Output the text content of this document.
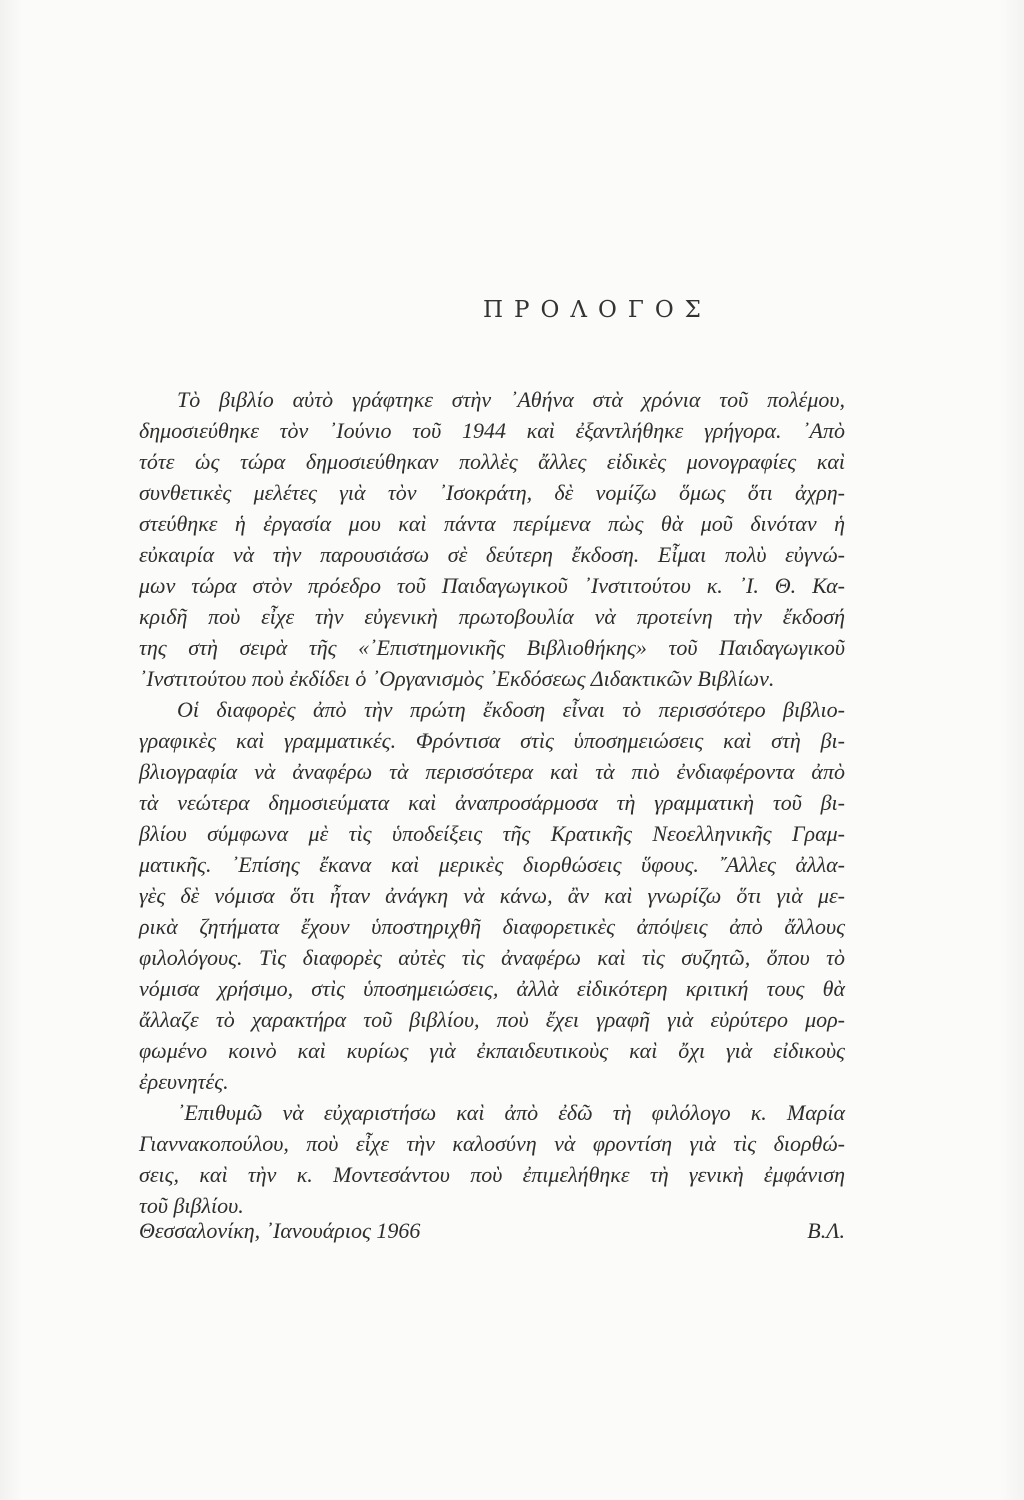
ΠΡΟΛΟΓΟΣ
Τὸ βιβλίο αὐτὸ γράφτηκε στὴν ᾿Αθήνα στὰ χρόνια τοῦ πολέμου,
δημοσιεύθηκε τὸν ᾿Ιούνιο τοῦ 1944 καὶ ἐξαντλήθηκε γρήγορα. ᾿Απὸ
τότε ὡς τώρα δημοσιεύθηκαν πολλὲς ἄλλες εἰδικὲς μονογραφίες καὶ
συνθετικὲς μελέτες γιὰ τὸν ᾿Ισοκράτη, δὲ νομίζω ὅμως ὅτι ἀχρη-
στεύθηκε ἡ ἐργασία μου καὶ πάντα περίμενα πὼς θὰ μοῦ δινόταν ἡ
εὐκαιρία νὰ τὴν παρουσιάσω σὲ δεύτερη ἔκδοση. Εἶμαι πολὺ εὐγνώ-
μων τώρα στὸν πρόεδρο τοῦ Παιδαγωγικοῦ ᾿Ινστιτούτου κ. ᾿Ι. Θ. Κα-
κριδῆ ποὺ εἶχε τὴν εὐγενικὴ πρωτοβουλία νὰ προτείνη τὴν ἔκδοσή
της στὴ σειρὰ τῆς «᾿Επιστημονικῆς Βιβλιοθήκης» τοῦ Παιδαγωγικοῦ
᾿Ινστιτούτου ποὺ ἐκδίδει ὁ ᾿Οργανισμὸς ᾿Εκδόσεως Διδακτικῶν Βιβλίων.
Οἱ διαφορὲς ἀπὸ τὴν πρώτη ἔκδοση εἶναι τὸ περισσότερο βιβλιο-
γραφικὲς καὶ γραμματικές. Φρόντισα στὶς ὑποσημειώσεις καὶ στὴ βι-
βλιογραφία νὰ ἀναφέρω τὰ περισσότερα καὶ τὰ πιὸ ἐνδιαφέροντα ἀπὸ
τὰ νεώτερα δημοσιεύματα καὶ ἀναπροσάρμοσα τὴ γραμματικὴ τοῦ βι-
βλίου σύμφωνα μὲ τὶς ὑποδείξεις τῆς Κρατικῆς Νεοελληνικῆς Γραμ-
ματικῆς. ᾿Επίσης ἔκανα καὶ μερικὲς διορθώσεις ὕφους. ῎Αλλες ἀλλα-
γὲς δὲ νόμισα ὅτι ἦταν ἀνάγκη νὰ κάνω, ἂν καὶ γνωρίζω ὅτι γιὰ με-
ρικὰ ζητήματα ἔχουν ὑποστηριχθῆ διαφορετικὲς ἀπόψεις ἀπὸ ἄλλους
φιλολόγους. Τὶς διαφορὲς αὐτὲς τὶς ἀναφέρω καὶ τὶς συζητῶ, ὅπου τὸ
νόμισα χρήσιμο, στὶς ὑποσημειώσεις, ἀλλὰ εἰδικότερη κριτική τους θὰ
ἄλλαζε τὸ χαρακτήρα τοῦ βιβλίου, ποὺ ἔχει γραφῆ γιὰ εὐρύτερο μορ-
φωμένο κοινὸ καὶ κυρίως γιὰ ἐκπαιδευτικοὺς καὶ ὄχι γιὰ εἰδικοὺς
ἐρευνητές.
᾿Επιθυμῶ νὰ εὐχαριστήσω καὶ ἀπὸ ἐδῶ τὴ φιλόλογο κ. Μαρία
Γιαννακοπούλου, ποὺ εἶχε τὴν καλοσύνη νὰ φροντίση γιὰ τὶς διορθώ-
σεις, καὶ τὴν κ. Μοντεσάντου ποὺ ἐπιμελήθηκε τὴ γενικὴ ἐμφάνιση
τοῦ βιβλίου.
Θεσσαλονίκη, ᾿Ιανουάριος 1966	Β.Λ.
